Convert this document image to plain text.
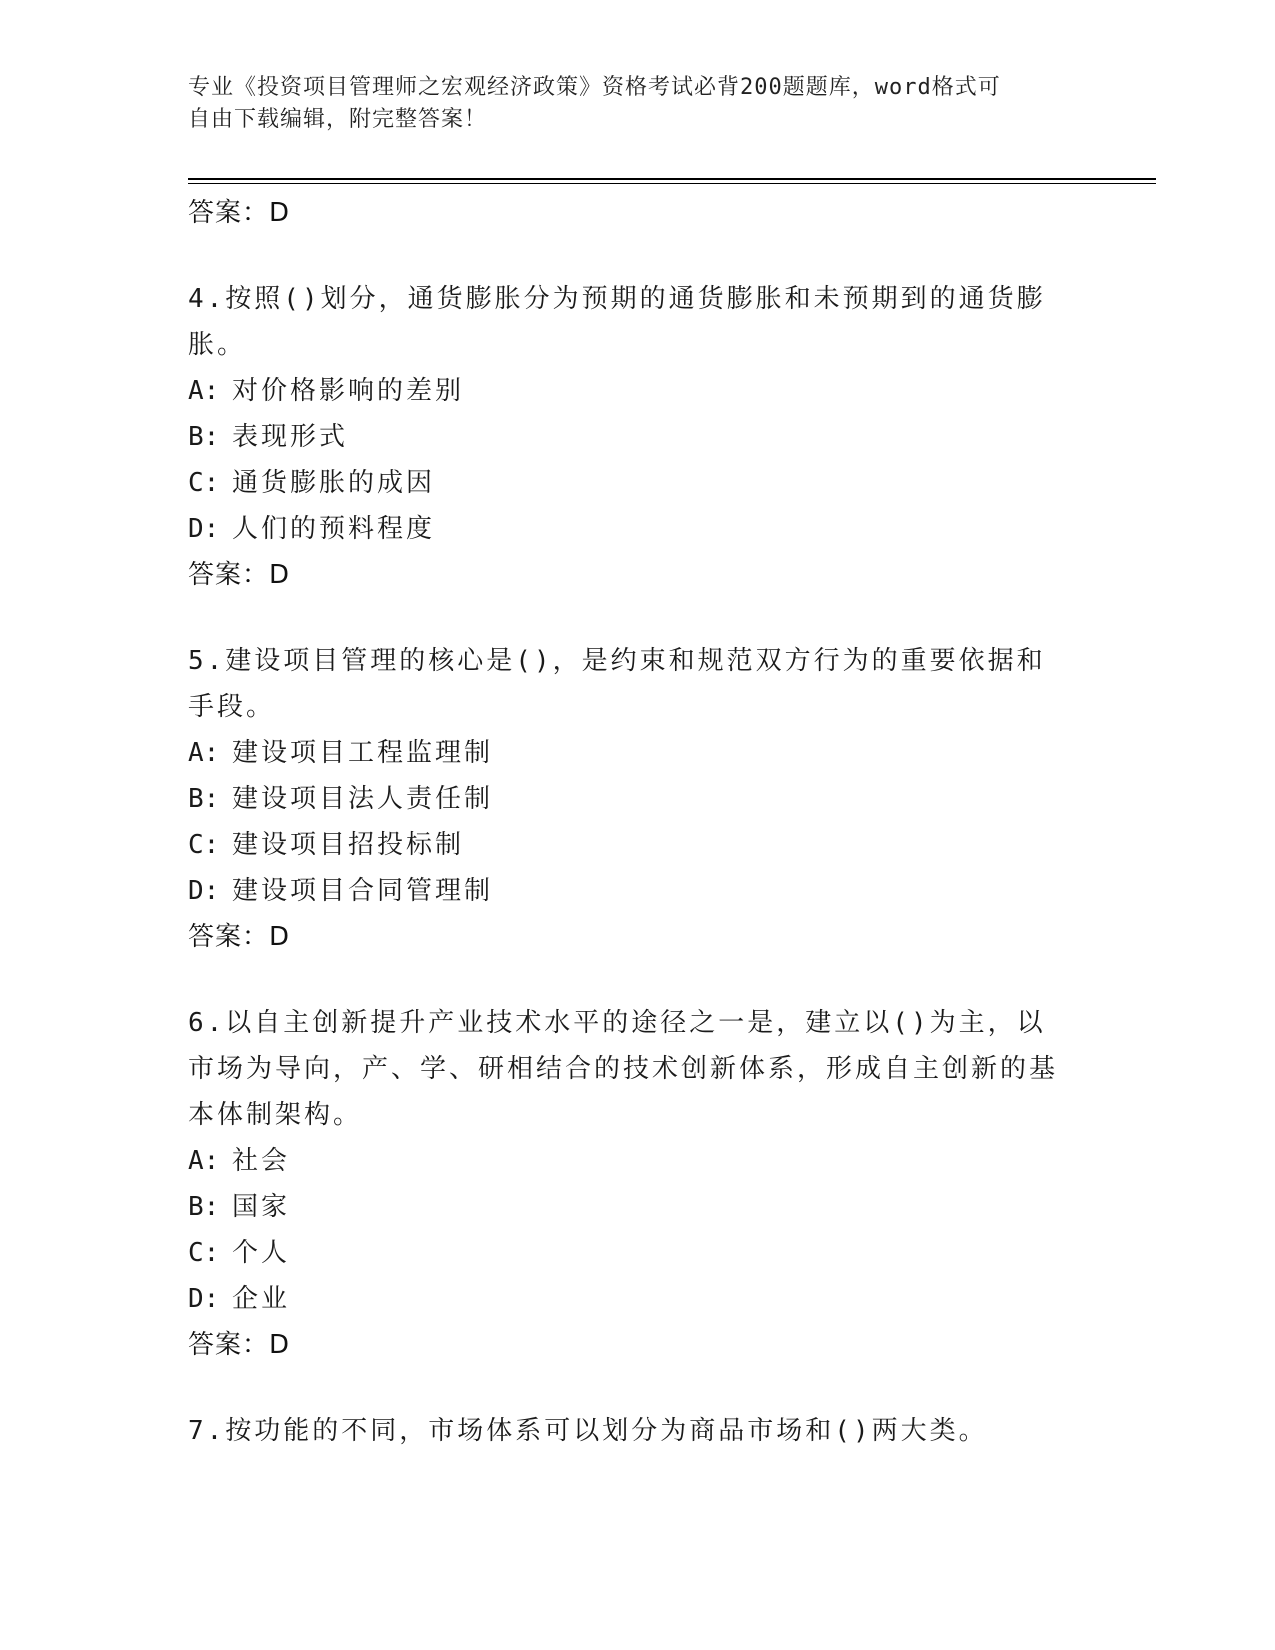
专业《投资项目管理师之宏观经济政策》资格考试必背200题题库，word格式可
自由下载编辑，附完整答案！

答案：D

4.按照()划分，通货膨胀分为预期的通货膨胀和未预期到的通货膨胀。

A: 对价格影响的差别
B: 表现形式
C: 通货膨胀的成因
D: 人们的预料程度

答案：D

5.建设项目管理的核心是()，是约束和规范双方行为的重要依据和手段。

A: 建设项目工程监理制
B: 建设项目法人责任制
C: 建设项目招投标制
D: 建设项目合同管理制

答案：D

6.以自主创新提升产业技术水平的途径之一是，建立以()为主，以市场为导向，产、学、研相结合的技术创新体系，形成自主创新的基本体制架构。

A: 社会
B: 国家
C: 个人
D: 企业

答案：D

7.按功能的不同，市场体系可以划分为商品市场和()两大类。
